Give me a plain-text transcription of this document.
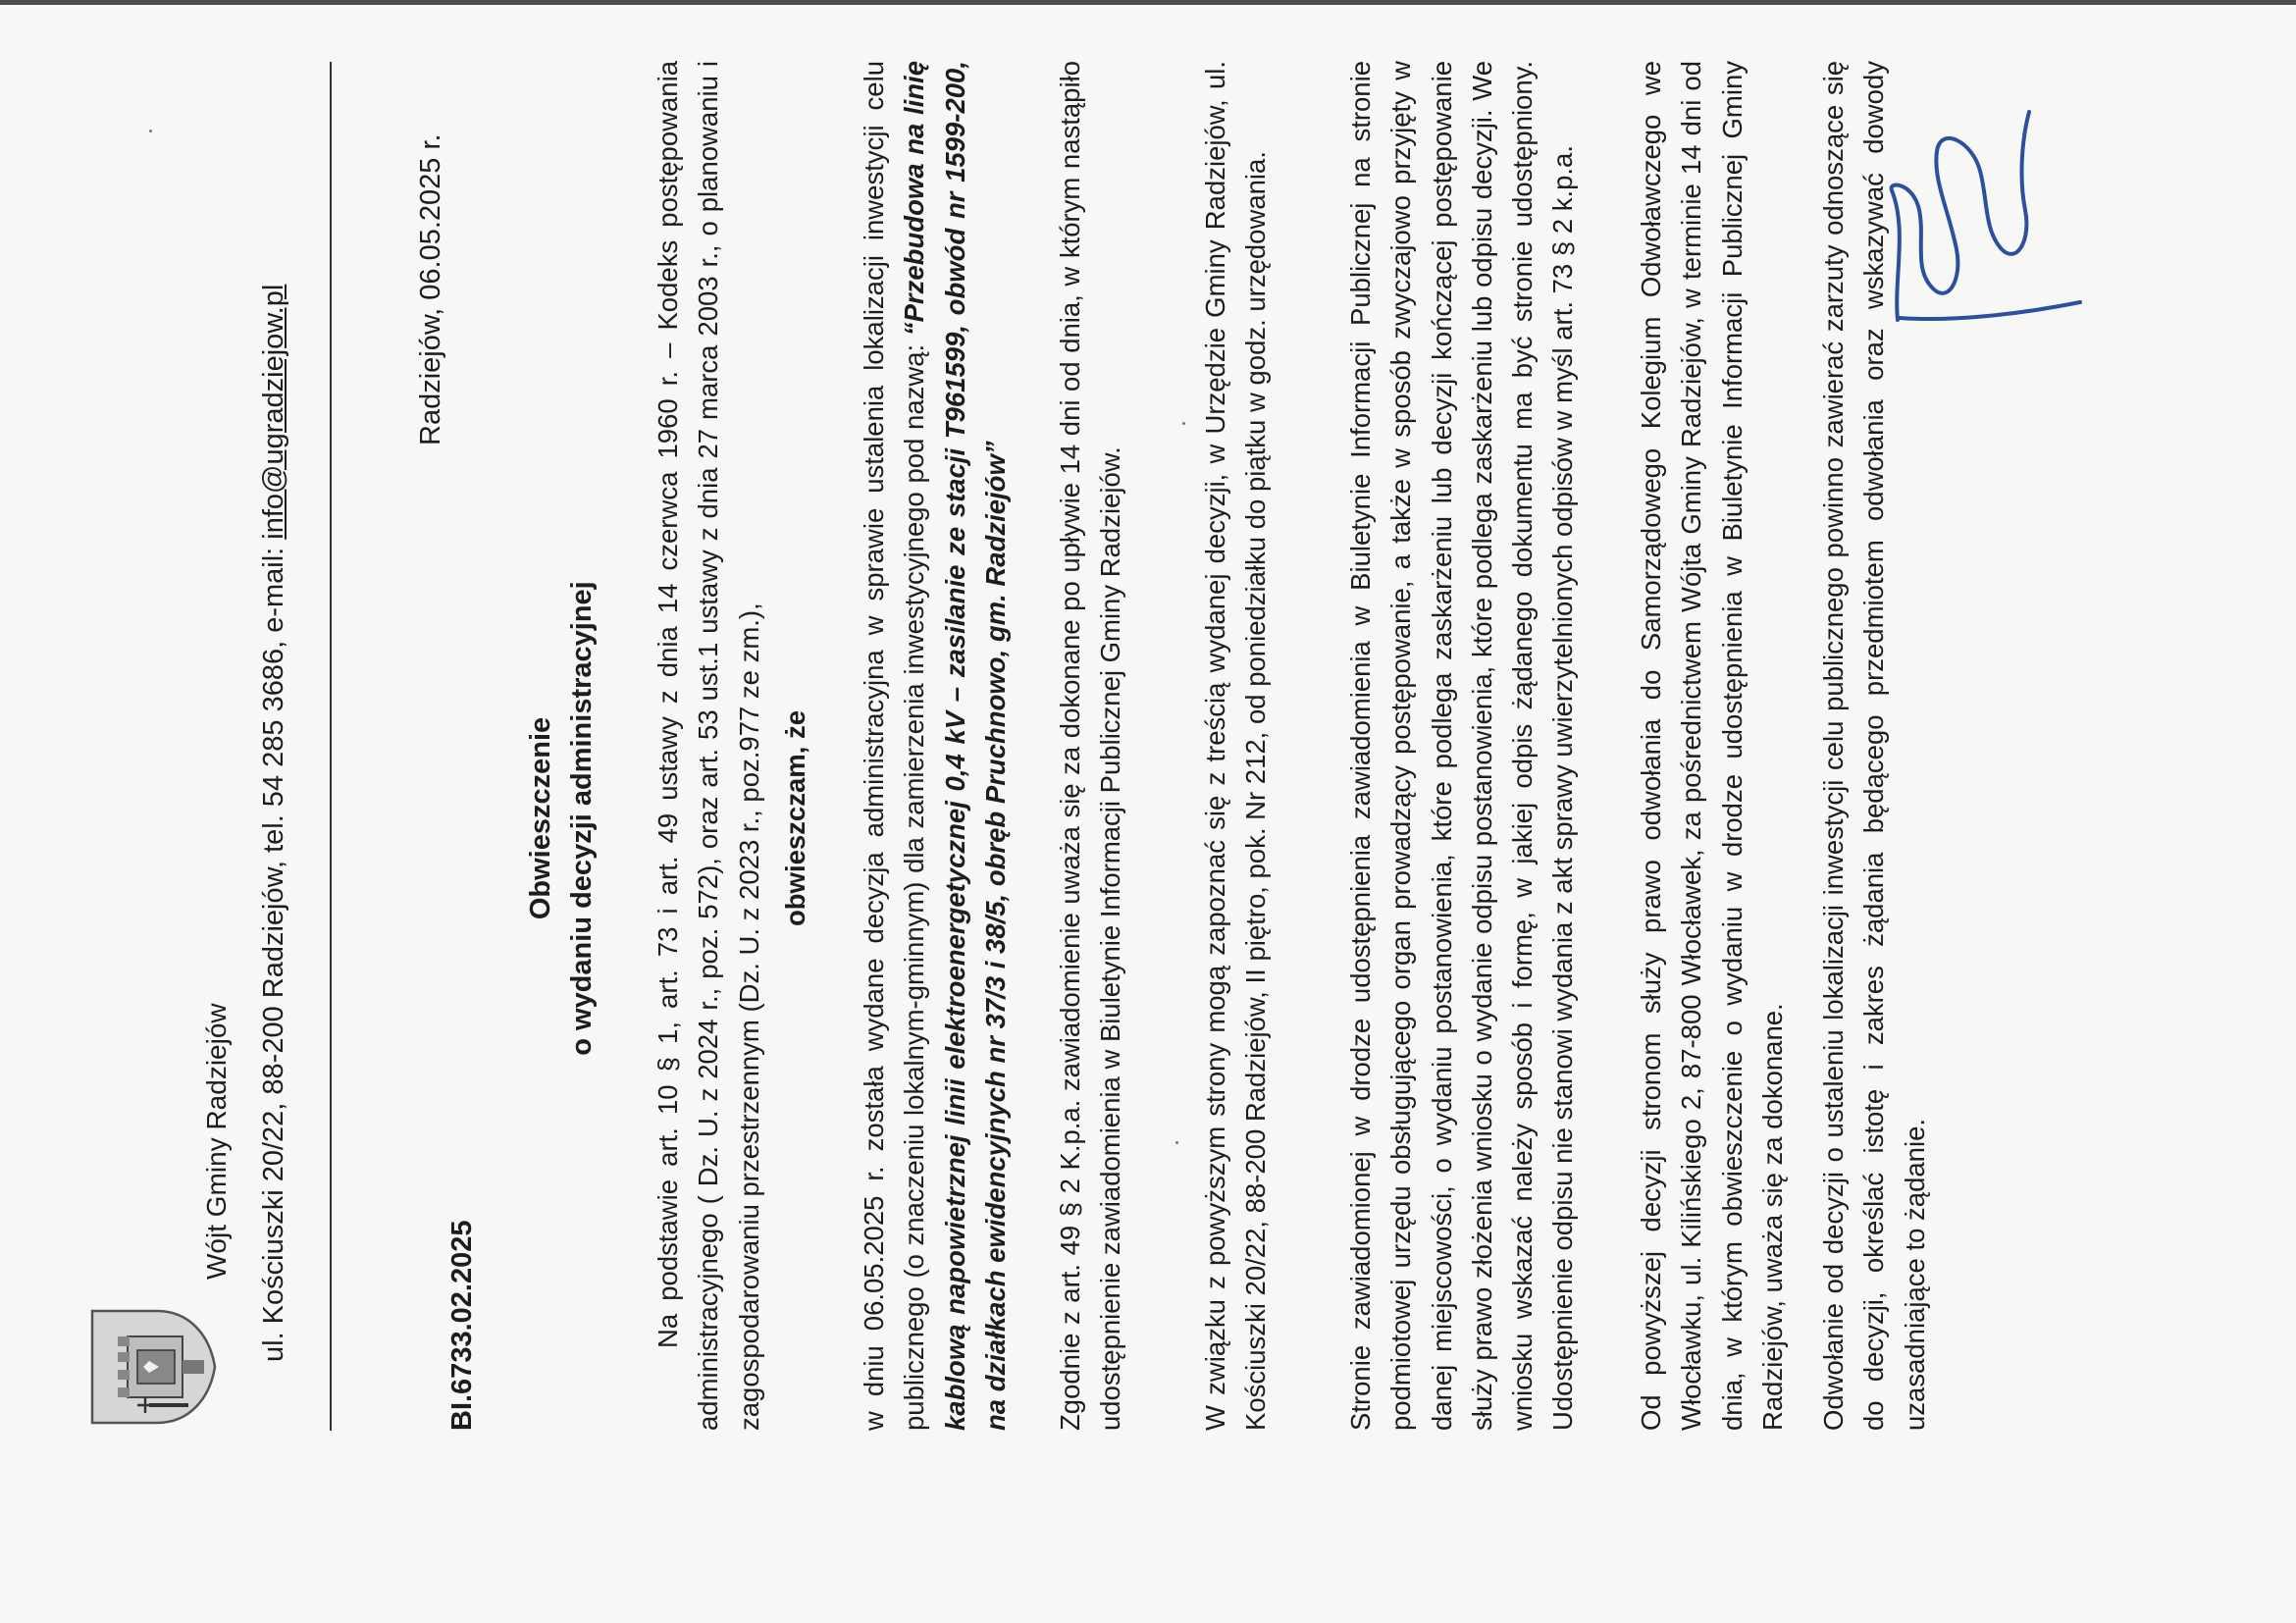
Wójt Gminy Radziejów ul. Kościuszki 20/22, 88-200 Radziejów, tel. 54 285 3686, e-mail: info@ugradziejow.pl
BI.6733.02.2025
Radziejów, 06.05.2025 r.
Obwieszczenie o wydaniu decyzji administracyjnej Na podstawie art. 10 § 1, art. 73 i art. 49 ustawy z dnia 14 czerwca 1960 r. – Kodeks postępowania administracyjnego ( Dz. U. z 2024 r., poz. 572), oraz art. 53 ust.1 ustawy z dnia 27 marca 2003 r., o planowaniu i zagospodarowaniu przestrzennym (Dz. U. z 2023 r., poz.977 ze zm.), obwieszczam, że w dniu 06.05.2025 r. została wydane decyzja administracyjna w sprawie ustalenia lokalizacji inwestycji celu publicznego (o znaczeniu lokalnym-gminnym) dla zamierzenia inwestycyjnego pod nazwą: “Przebudowa na linię kablową napowietrznej linii elektroenergetycznej 0,4 kV – zasilanie ze stacji T961599, obwód nr 1599-200, na działkach ewidencyjnych nr 37/3 i 38/5, obręb Pruchnowo, gm. Radziejów” Zgodnie z art. 49 § 2 K.p.a. zawiadomienie uważa się za dokonane po upływie 14 dni od dnia, w którym nastąpiło udostępnienie zawiadomienia w Biuletynie Informacji Publicznej Gminy Radziejów.	W związku z powyższym strony mogą zapoznać się z treścią wydanej decyzji, w Urzędzie Gminy Radziejów, ul. Kościuszki 20/22, 88-200 Radziejów, II piętro, pok. Nr 212, od poniedziałku do piątku w godz. urzędowania.	Stronie zawiadomionej w drodze udostępnienia zawiadomienia w Biuletynie Informacji Publicznej na stronie podmiotowej urzędu obsługującego organ prowadzący postępowanie, a także w sposób zwyczajowo przyjęty w danej miejscowości, o wydaniu postanowienia, które podlega zaskarżeniu lub decyzji kończącej postępowanie służy prawo złożenia wniosku o wydanie odpisu postanowienia, które podlega zaskarżeniu lub odpisu decyzji. We wniosku wskazać należy sposób i formę, w jakiej odpis żądanego dokumentu ma być stronie udostępniony. Udostępnienie odpisu nie stanowi wydania z akt sprawy uwierzytelnionych odpisów w myśl art. 73 § 2 k.p.a. Od powyższej decyzji stronom służy prawo odwołania do Samorządowego Kolegium Odwoławczego we Włocławku, ul. Kilińskiego 2, 87-800 Włocławek, za pośrednictwem Wójta Gminy Radziejów, w terminie 14 dni od dnia, w którym obwieszczenie o wydaniu w drodze udostępnienia w Biuletynie Informacji Publicznej Gminy Radziejów, uważa się za dokonane. Odwołanie od decyzji o ustaleniu lokalizacji inwestycji celu publicznego powinno zawierać zarzuty odnoszące się do decyzji, określać istotę i zakres żądania będącego przedmiotem odwołania oraz wskazywać dowody uzasadniające to żądanie.
